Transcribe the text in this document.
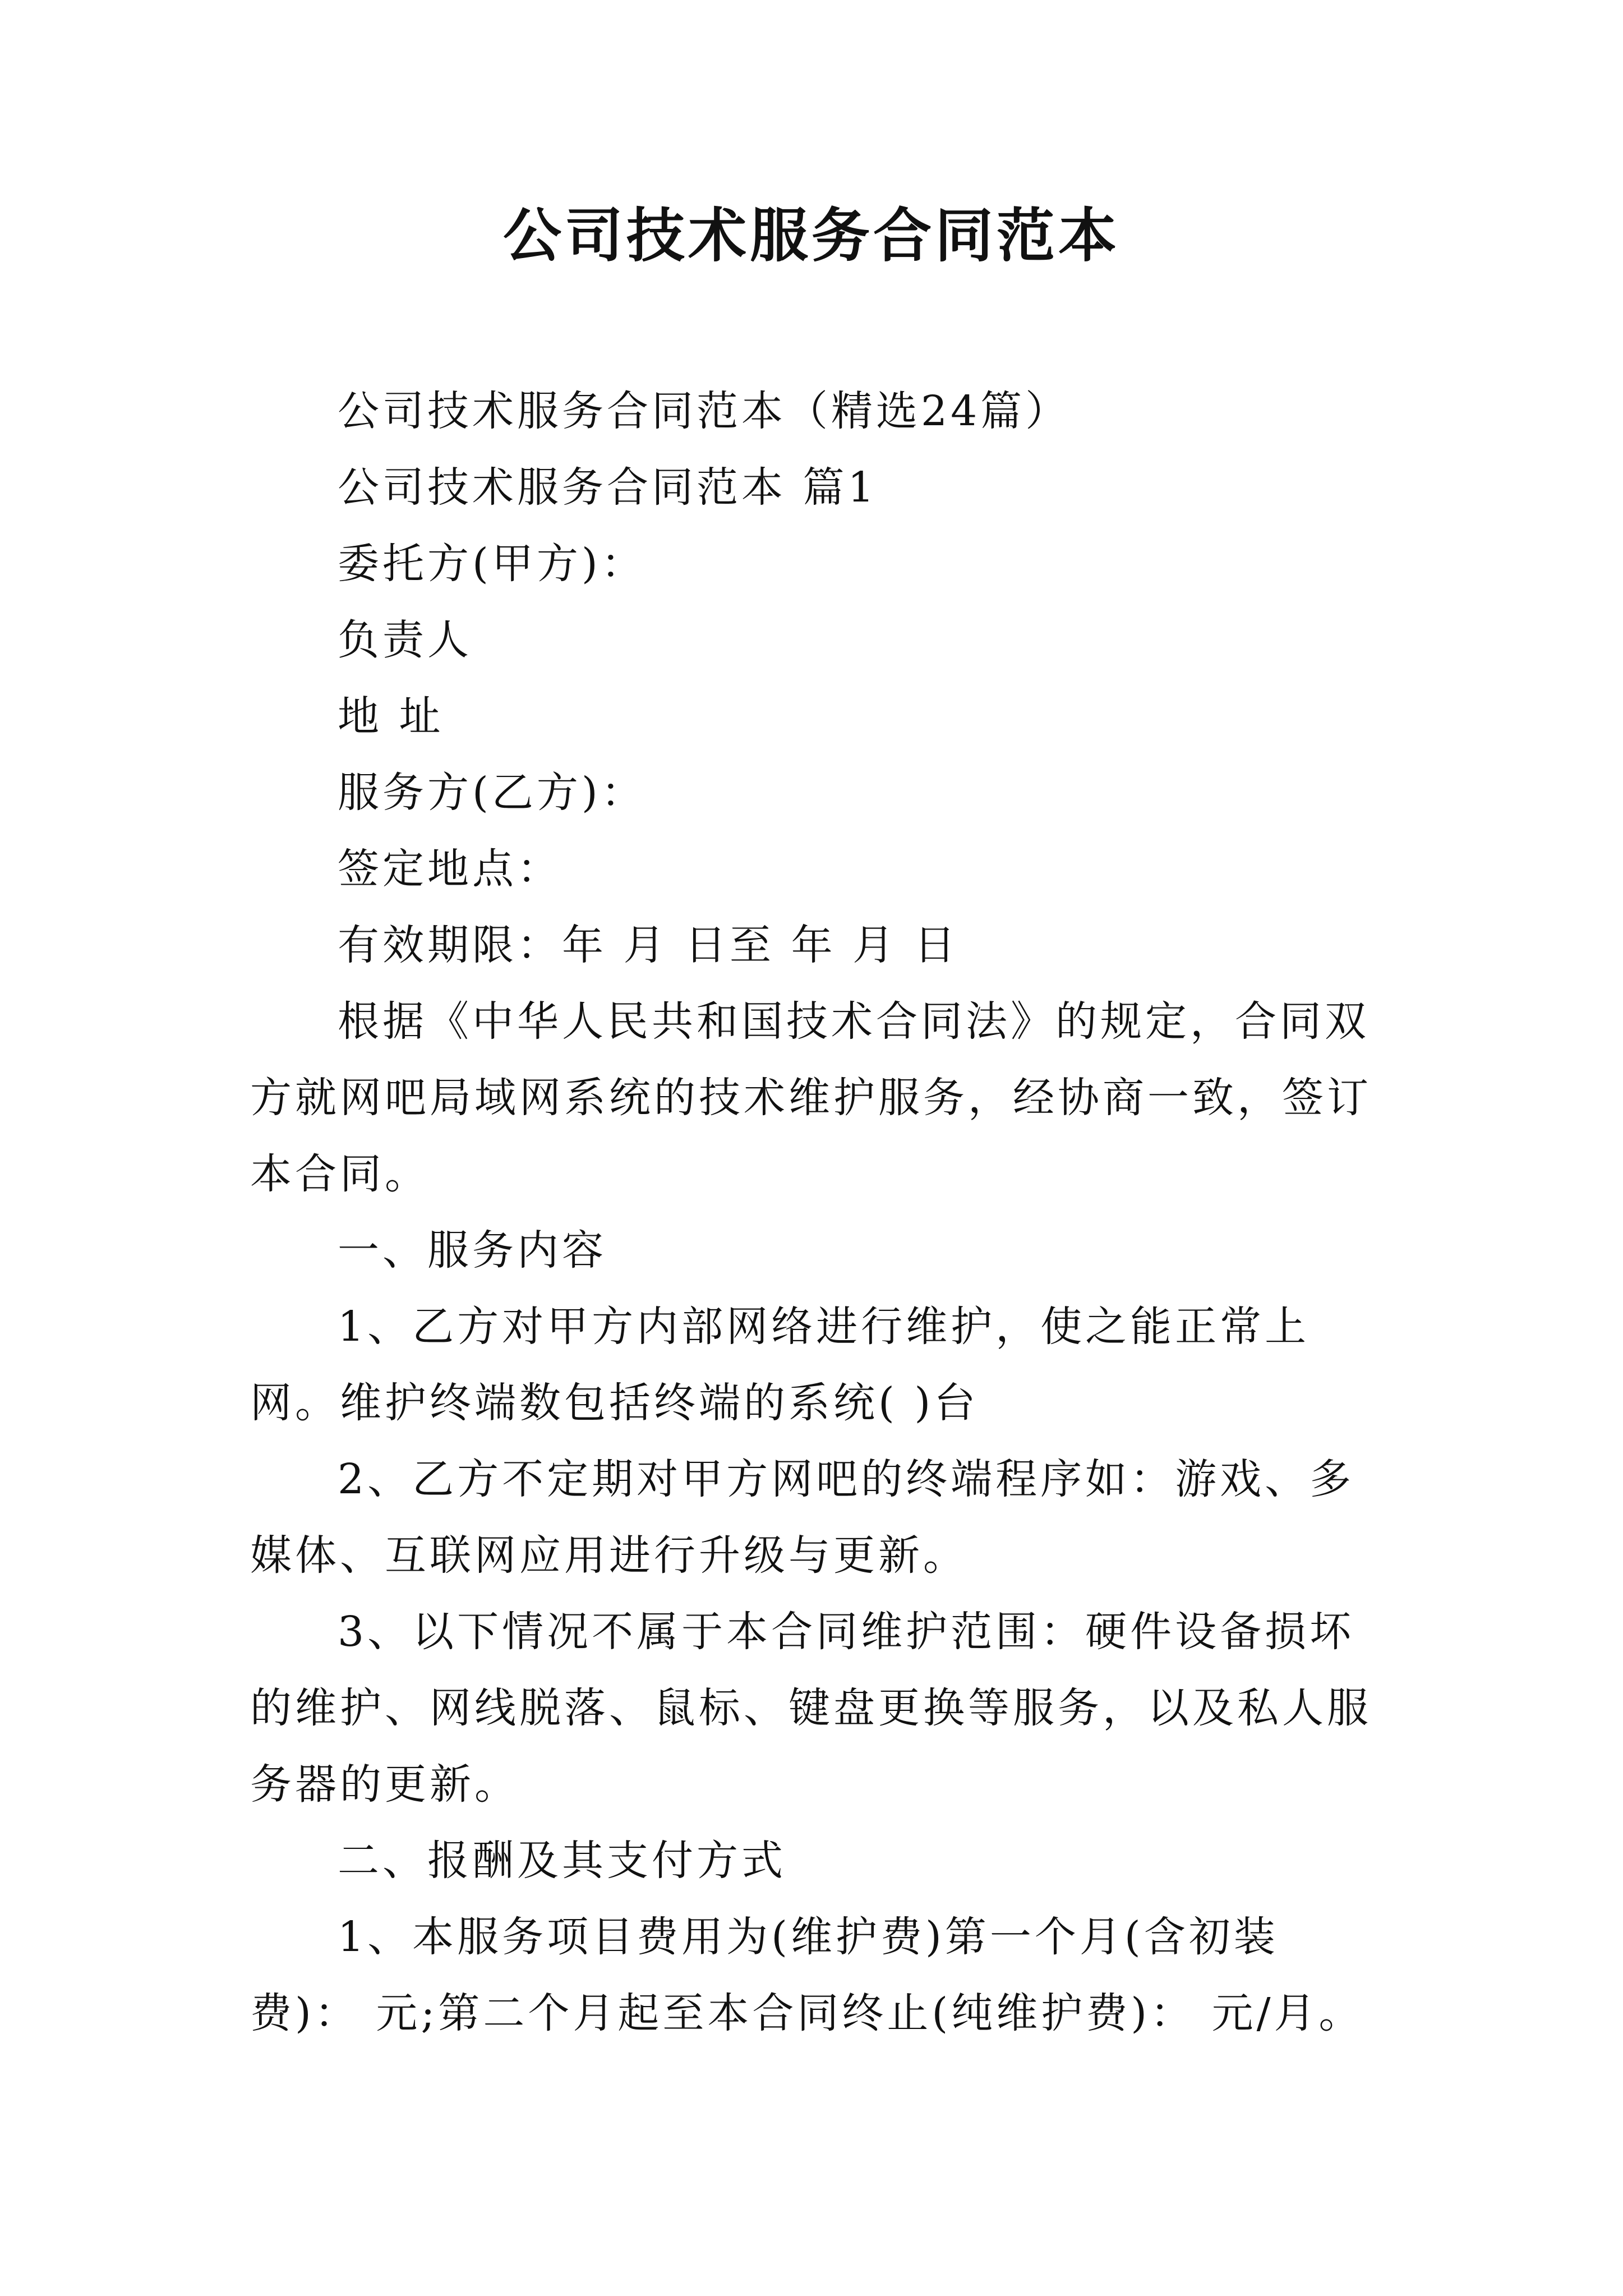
公司技术服务合同范本

公司技术服务合同范本（精选24篇）

公司技术服务合同范本 篇1

委托方(甲方)：

负责人

地 址

服务方(乙方)：

签定地点：

有效期限：年 月 日至 年 月 日

根据《中华人民共和国技术合同法》的规定，合同双方就网吧局域网系统的技术维护服务，经协商一致，签订本合同。

一、服务内容

1、乙方对甲方内部网络进行维护，使之能正常上网。维护终端数包括终端的系统( )台

2、乙方不定期对甲方网吧的终端程序如：游戏、多媒体、互联网应用进行升级与更新。

3、以下情况不属于本合同维护范围：硬件设备损坏的维护、网线脱落、鼠标、键盘更换等服务，以及私人服务器的更新。

二、报酬及其支付方式

1、本服务项目费用为(维护费)第一个月(含初装费)： 元;第二个月起至本合同终止(纯维护费)： 元/月。
